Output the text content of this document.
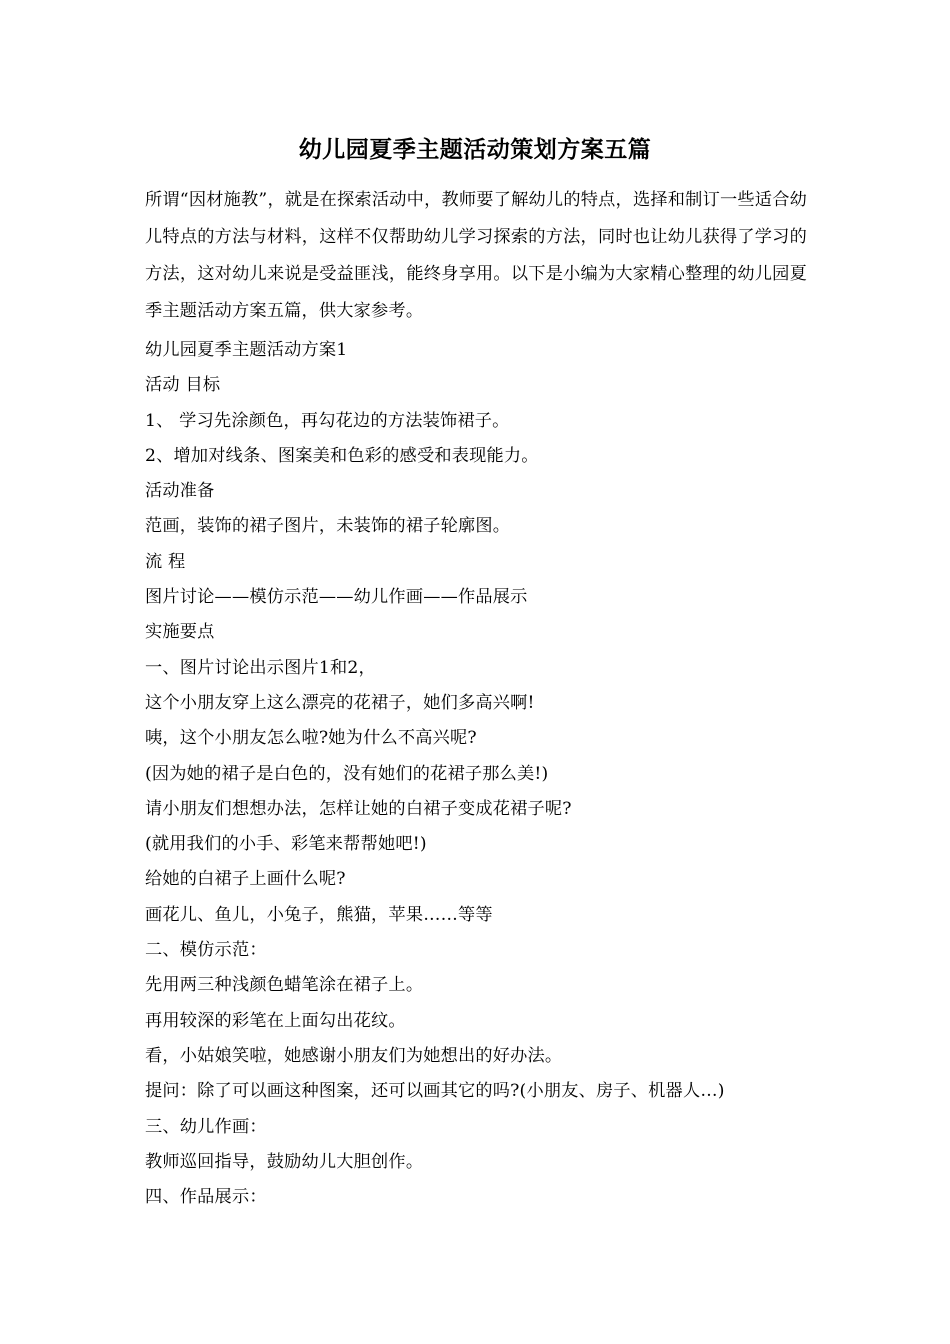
幼儿园夏季主题活动策划方案五篇

所谓“因材施教”，就是在探索活动中，教师要了解幼儿的特点，选择和制订一些适合幼儿特点的方法与材料，这样不仅帮助幼儿学习探索的方法，同时也让幼儿获得了学习的方法，这对幼儿来说是受益匪浅，能终身享用。以下是小编为大家精心整理的幼儿园夏季主题活动方案五篇，供大家参考。

幼儿园夏季主题活动方案1
活动 目标
1、 学习先涂颜色，再勾花边的方法装饰裙子。
2、增加对线条、图案美和色彩的感受和表现能力。
活动准备
范画，装饰的裙子图片，未装饰的裙子轮廓图。
流 程
图片讨论——模仿示范——幼儿作画——作品展示
实施要点
一、图片讨论出示图片1和2，
这个小朋友穿上这么漂亮的花裙子，她们多高兴啊!
咦，这个小朋友怎么啦?她为什么不高兴呢?
(因为她的裙子是白色的，没有她们的花裙子那么美!)
请小朋友们想想办法，怎样让她的白裙子变成花裙子呢?
(就用我们的小手、彩笔来帮帮她吧!)
给她的白裙子上画什么呢?
画花儿、鱼儿，小兔子，熊猫，苹果……等等
二、模仿示范：
先用两三种浅颜色蜡笔涂在裙子上。
再用较深的彩笔在上面勾出花纹。
看，小姑娘笑啦，她感谢小朋友们为她想出的好办法。
提问：除了可以画这种图案，还可以画其它的吗?(小朋友、房子、机器人…)
三、幼儿作画：
教师巡回指导，鼓励幼儿大胆创作。
四、作品展示：
